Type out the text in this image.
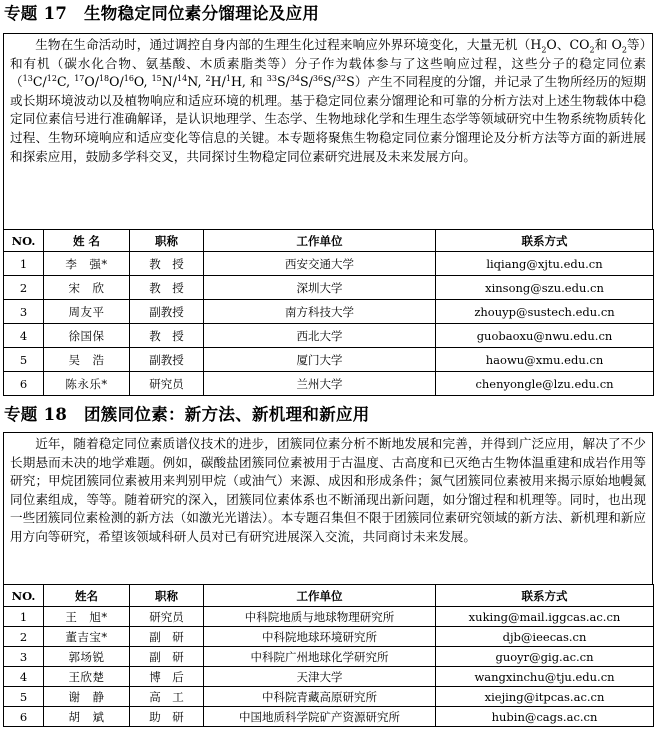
专题 17　生物稳定同位素分馏理论及应用
生物在生命活动时，通过调控自身内部的生理生化过程来响应外界环境变化，大量无机（$H_2O$、$CO_2$和 $O_2$等）和有机（碳水化合物、氨基酸、木质素脂类等）分子作为载体参与了这些响应过程，这些分子的稳定同位素（$^{13}$C/$^{12}$C, $^{17}$O/$^{18}$O/$^{16}$O, $^{15}$N/$^{14}$N, $^2$H/$^1$H, 和 $^{33}$S/$^{34}$S/$^{36}$S/$^{32}$S）产生不同程度的分馏，并记录了生物所经历的短期或长期环境波动以及植物响应和适应环境的机理。基于稳定同位素分馏理论和可靠的分析方法对上述生物载体中稳定同位素信号进行准确解译，是认识地理学、生态学、生物地球化学和生理生态学等领域研究中生物系统物质转化过程、生物环境响应和适应变化等信息的关键。本专题将聚焦生物稳定同位素分馏理论及分析方法等方面的新进展和探索应用，鼓励多学科交叉，共同探讨生物稳定同位素研究进展及未来发展方向。
NO.	姓 名	职称	工作单位	联系方式
1	李　强*	教　授	西安交通大学	liqiang@xjtu.edu.cn
2	宋　欣	教　授	深圳大学	xinsong@szu.edu.cn
3	周友平	副教授	南方科技大学	zhouyp@sustech.edu.cn
4	徐国保	教　授	西北大学	guobaoxu@nwu.edu.cn
5	吴　浩	副教授	厦门大学	haowu@xmu.edu.cn
6	陈永乐*	研究员	兰州大学	chenyongle@lzu.edu.cn
专题 18　团簇同位素：新方法、新机理和新应用
近年，随着稳定同位素质谱仪技术的进步，团簇同位素分析不断地发展和完善，并得到广泛应用，解决了不少长期悬而未决的地学难题。例如，碳酸盐团簇同位素被用于古温度、古高度和已灭绝古生物体温重建和成岩作用等研究；甲烷团簇同位素被用来判别甲烷（或油气）来源、成因和形成条件；氮气团簇同位素被用来揭示原始地幔氮同位素组成，等等。随着研究的深入，团簇同位素体系也不断涌现出新问题，如分馏过程和机理等。同时，也出现一些团簇同位素检测的新方法（如激光光谱法）。本专题召集但不限于团簇同位素研究领域的新方法、新机理和新应用方向等研究，希望该领域科研人员对已有研究进展深入交流，共同商讨未来发展。
NO.	姓名	职称	工作单位	联系方式
1	王　旭*	研究员	中科院地质与地球物理研究所	xuking@mail.iggcas.ac.cn
2	董吉宝*	副　研	中科院地球环境研究所	djb@ieecas.cn
3	郭场锐	副　研	中科院广州地球化学研究所	guoyr@gig.ac.cn
4	王欣楚	博　后	天津大学	wangxinchu@tju.edu.cn
5	谢　静	高　工	中科院青藏高原研究所	xiejing@itpcas.ac.cn
6	胡　斌	助　研	中国地质科学院矿产资源研究所	hubin@cags.ac.cn
